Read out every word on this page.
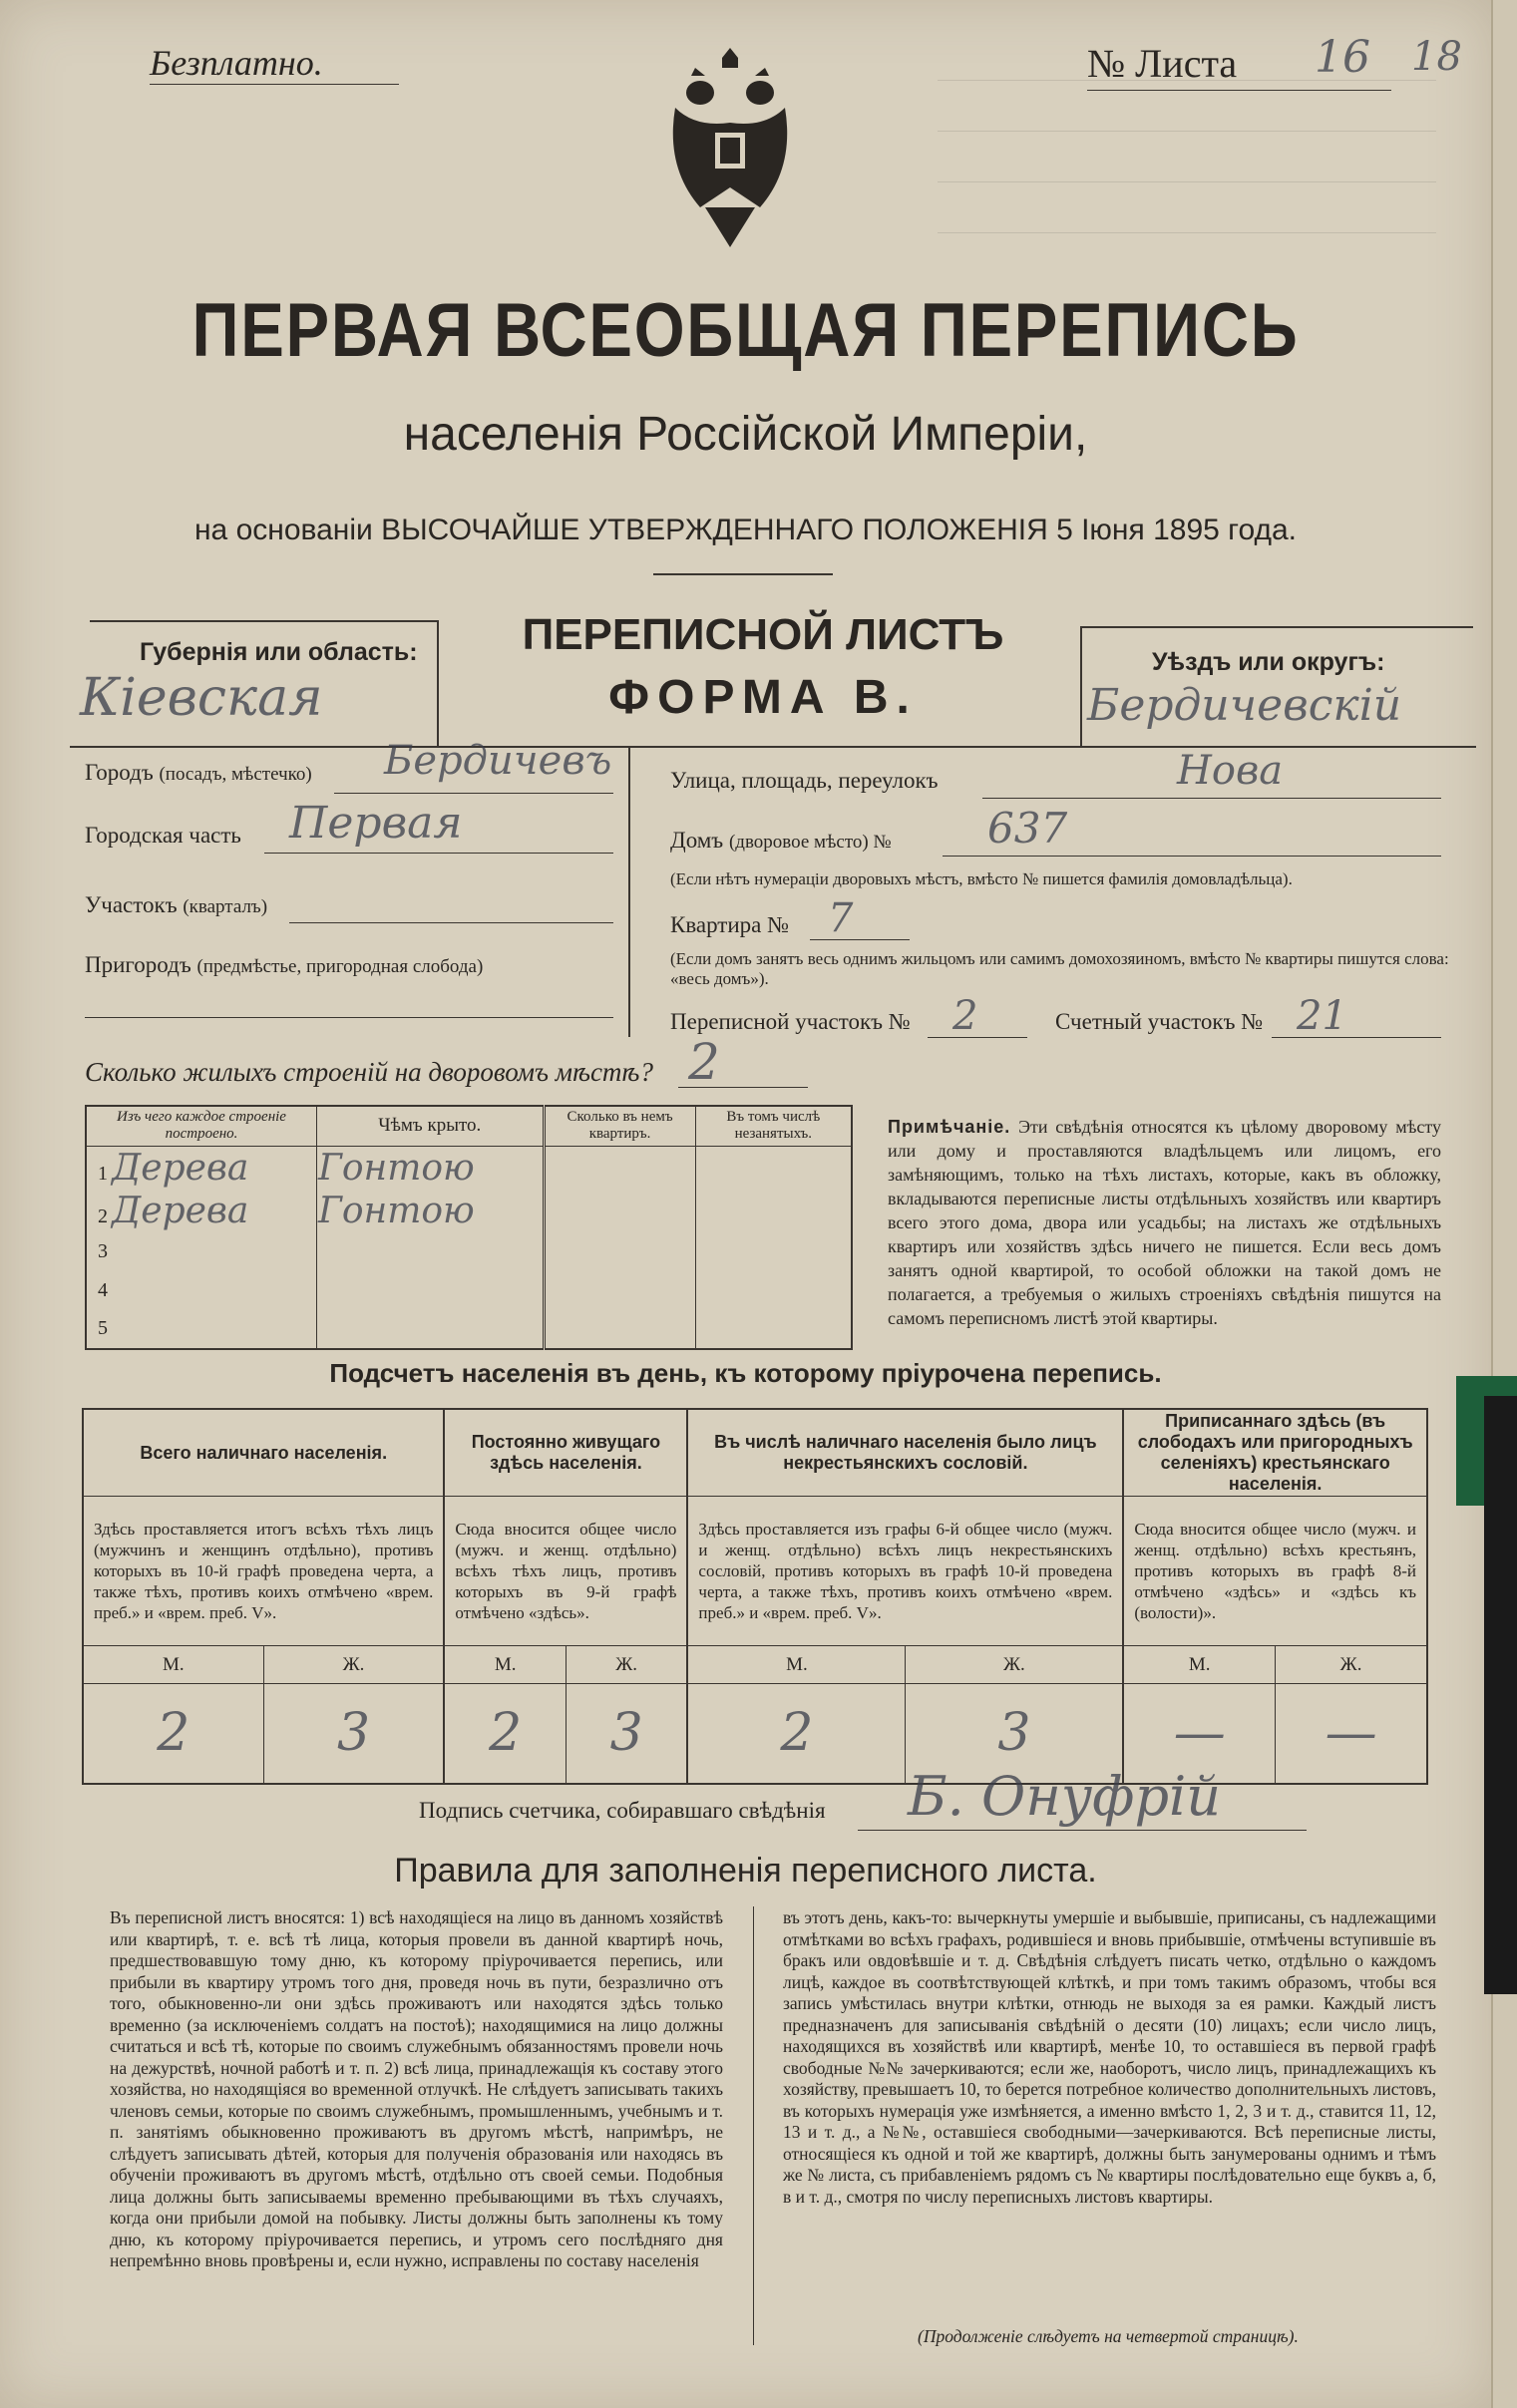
Безплатно.	№ Листа 16 18
ПЕРВАЯ ВСЕОБЩАЯ ПЕРЕПИСЬ
населенія Россійской Имперіи,
на основаніи ВЫСОЧАЙШЕ УТВЕРЖДЕННАГО ПОЛОЖЕНІЯ 5 Іюня 1895 года.
Губернія или область:
Кіевская
ПЕРЕПИСНОЙ ЛИСТЪ
ФОРМА В.
Уѣздъ или округъ:
Бердичевскій
Городъ (посадъ, мѣстечко) Бердичевъ
Городская часть Первая
Участокъ (кварталъ)
Пригородъ (предмѣстье, пригородная слобода)
Улица, площадь, переулокъ	Нова
Домъ (дворовое мѣсто) № 637
(Если нѣтъ нумераціи дворовыхъ мѣстъ, вмѣсто № пишется фамилія домовладѣльца).
Квартира № 7
(Если домъ занятъ весь однимъ жильцомъ или самимъ домохозяиномъ, вмѣсто № квартиры пишутся слова: «весь домъ»).
Переписной участокъ № 2	Счетный участокъ № 21
Сколько жилыхъ строеній на дворовомъ мѣстѣ? 2
Изъ чего каждое строеніе построено.	Чѣмъ крыто.	Сколько въ немъ квартиръ.	Въ томъ числѣ незанятыхъ.
1 Дерева	Гонтою		
2 Дерева	Гонтою		
3			
4			
5			
Примѣчаніе. Эти свѣдѣнія относятся къ цѣлому дворовому мѣсту или дому и проставляются владѣльцемъ или лицомъ, его замѣняющимъ, только на тѣхъ листахъ, которые, какъ въ обложку, вкладываются переписные листы отдѣльныхъ хозяйствъ или квартиръ всего этого дома, двора или усадьбы; на листахъ же отдѣльныхъ квартиръ или хозяйствъ здѣсь ничего не пишется. Если весь домъ занятъ одной квартирой, то особой обложки на такой домъ не полагается, а требуемыя о жилыхъ строеніяхъ свѣдѣнія пишутся на самомъ переписномъ листѣ этой квартиры.
Подсчетъ населенія въ день, къ которому пріурочена перепись.
Всего наличнаго населенія.		Постоянно живущаго здѣсь населенія.		Въ числѣ наличнаго населенія было лицъ некрестьянскихъ сословій.		Приписаннаго здѣсь (въ слободахъ или пригородныхъ селеніяхъ) крестьянскаго населенія.	
Здѣсь проставляется итогъ всѣхъ тѣхъ лицъ (мужчинъ и женщинъ отдѣльно), противъ которыхъ въ 10-й графѣ проведена черта, а также тѣхъ, противъ коихъ отмѣчено «врем. преб.» и «врем. преб. V».		Сюда вносится общее число (мужч. и женщ. отдѣльно) всѣхъ тѣхъ лицъ, противъ которыхъ въ 9-й графѣ отмѣчено «здѣсь».		Здѣсь проставляется изъ графы 6-й общее число (мужч. и женщ. отдѣльно) всѣхъ лицъ некрестьянскихъ сословій, противъ которыхъ въ графѣ 10-й проведена черта, а также тѣхъ, противъ коихъ отмѣчено «врем. преб.» и «врем. преб. V».		Сюда вносится общее число (мужч. и женщ. отдѣльно) всѣхъ крестьянъ, противъ которыхъ въ графѣ 8-й отмѣчено «здѣсь» и «здѣсь къ (волости)».	
М.	Ж.	М.	Ж.	М.	Ж.	М.	Ж.
2	3	2	3	2	3	—	—
Подпись счетчика, собиравшаго свѣдѣнія Б. Онуфрій
Правила для заполненія переписного листа.
Въ переписной листъ вносятся: 1) всѣ находящіеся на лицо въ данномъ хозяйствѣ или квартирѣ, т. е. всѣ тѣ лица, которыя провели въ данной квартирѣ ночь, предшествовавшую тому дню, къ которому пріурочивается перепись, или прибыли въ квартиру утромъ того дня, проведя ночь въ пути, безразлично отъ того, обыкновенно-ли они здѣсь проживаютъ или находятся здѣсь только временно (за исключеніемъ солдатъ на постоѣ); находящимися на лицо должны считаться и всѣ тѣ, которые по своимъ служебнымъ обязанностямъ провели ночь на дежурствѣ, ночной работѣ и т. п. 2) всѣ лица, принадлежащія къ составу этого хозяйства, но находящіяся во временной отлучкѣ. Не слѣдуетъ записывать такихъ членовъ семьи, которые по своимъ служебнымъ, промышленнымъ, учебнымъ и т. п. занятіямъ обыкновенно проживаютъ въ другомъ мѣстѣ, напримѣръ, не слѣдуетъ записывать дѣтей, которыя для полученія образованія или находясь въ обученіи проживаютъ въ другомъ мѣстѣ, отдѣльно отъ своей семьи. Подобныя лица должны быть записываемы временно пребывающими въ тѣхъ случаяхъ, когда они прибыли домой на побывку. Листы должны быть заполнены къ тому дню, къ которому пріурочивается перепись, и утромъ сего послѣдняго дня непремѣнно вновь провѣрены и, если нужно, исправлены по составу населенія
въ этотъ день, какъ-то: вычеркнуты умершіе и выбывшіе, приписаны, съ надлежащими отмѣтками во всѣхъ графахъ, родившіеся и вновь прибывшіе, отмѣчены вступившіе въ бракъ или овдовѣвшіе и т. д. Свѣдѣнія слѣдуетъ писать четко, отдѣльно о каждомъ лицѣ, каждое въ соотвѣтствующей клѣткѣ, и при томъ такимъ образомъ, чтобы вся запись умѣстилась внутри клѣтки, отнюдь не выходя за ея рамки. Каждый листъ предназначенъ для записыванія свѣдѣній о десяти (10) лицахъ; если число лицъ, находящихся въ хозяйствѣ или квартирѣ, менѣе 10, то оставшіеся въ первой графѣ свободные №№ зачеркиваются; если же, наоборотъ, число лицъ, принадлежащихъ къ хозяйству, превышаетъ 10, то берется потребное количество дополнительныхъ листовъ, въ которыхъ нумерація уже измѣняется, а именно вмѣсто 1, 2, 3 и т. д., ставится 11, 12, 13 и т. д., а №№, оставшіеся свободными—зачеркиваются. Всѣ переписные листы, относящіеся къ одной и той же квартирѣ, должны быть занумерованы однимъ и тѣмъ же № листа, съ прибавленіемъ рядомъ съ № квартиры послѣдовательно еще буквъ а, б, в и т. д., смотря по числу переписныхъ листовъ квартиры.
(Продолженіе слѣдуетъ на четвертой страницѣ).
